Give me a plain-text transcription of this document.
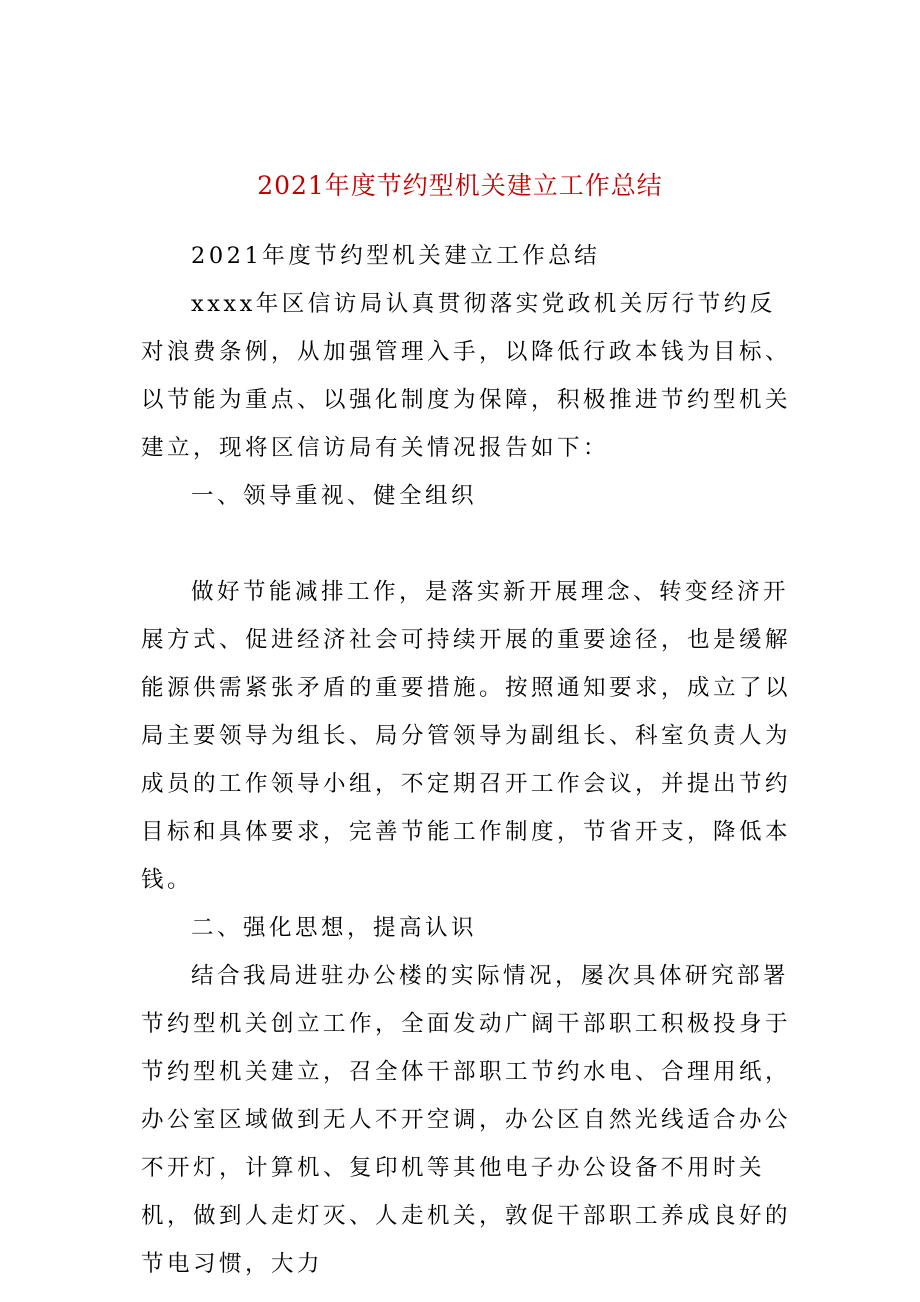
2021年度节约型机关建立工作总结

2021年度节约型机关建立工作总结

xxxx年区信访局认真贯彻落实党政机关厉行节约反对浪费条例，从加强管理入手，以降低行政本钱为目标、以节能为重点、以强化制度为保障，积极推进节约型机关建立，现将区信访局有关情况报告如下：

一、领导重视、健全组织

做好节能减排工作，是落实新开展理念、转变经济开展方式、促进经济社会可持续开展的重要途径，也是缓解能源供需紧张矛盾的重要措施。按照通知要求，成立了以局主要领导为组长、局分管领导为副组长、科室负责人为成员的工作领导小组，不定期召开工作会议，并提出节约目标和具体要求，完善节能工作制度，节省开支，降低本钱。

二、强化思想，提高认识

结合我局进驻办公楼的实际情况，屡次具体研究部署节约型机关创立工作，全面发动广阔干部职工积极投身于节约型机关建立，召全体干部职工节约水电、合理用纸，办公室区域做到无人不开空调，办公区自然光线适合办公不开灯，计算机、复印机等其他电子办公设备不用时关机，做到人走灯灭、人走机关，敦促干部职工养成良好的节电习惯，大力
